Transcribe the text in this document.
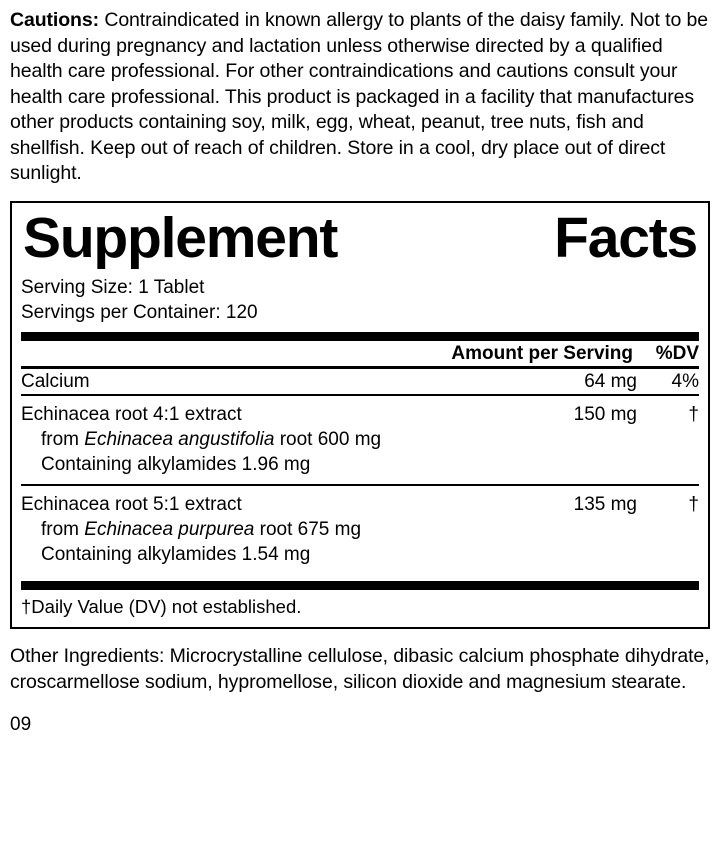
Cautions: Contraindicated in known allergy to plants of the daisy family. Not to be used during pregnancy and lactation unless otherwise directed by a qualified health care professional. For other contraindications and cautions consult your health care professional. This product is packaged in a facility that manufactures other products containing soy, milk, egg, wheat, peanut, tree nuts, fish and shellfish. Keep out of reach of children. Store in a cool, dry place out of direct sunlight.

Supplement	Facts
Serving Size: 1 Tablet
Servings per Container: 120
	Amount per Serving	%DV
Calcium	64 mg	4%
Echinacea root 4:1 extract
from Echinacea angustifolia root 600 mg
Containing alkylamides 1.96 mg
	150 mg	†
Echinacea root 5:1 extract
from Echinacea purpurea root 675 mg
Containing alkylamides 1.54 mg
	135 mg	†
†Daily Value (DV) not established.

Other Ingredients: Microcrystalline cellulose, dibasic calcium phosphate dihydrate, croscarmellose sodium, hypromellose, silicon dioxide and magnesium stearate.

09
